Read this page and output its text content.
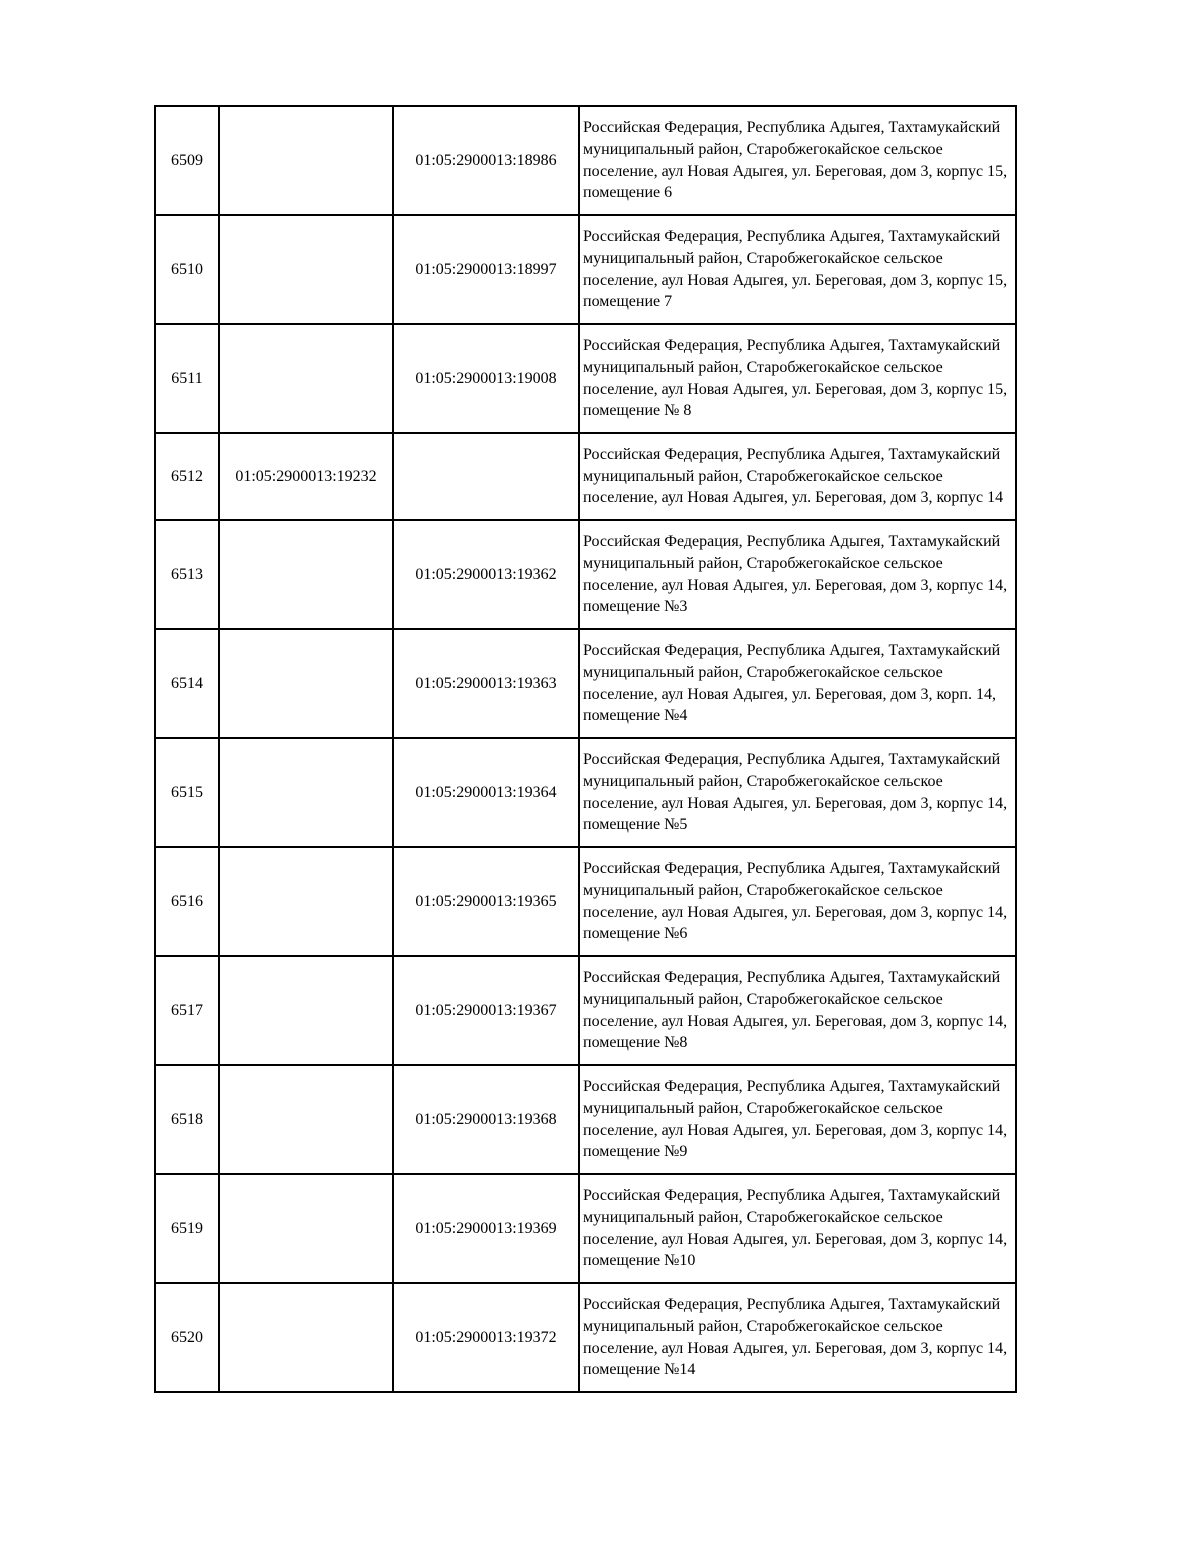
6509		01:05:2900013:18986	Российская Федерация, Республика Адыгея, Тахтамукайский муниципальный район, Старобжегокайское сельское поселение, аул Новая Адыгея, ул. Береговая, дом 3, корпус 15, помещение 6
6510		01:05:2900013:18997	Российская Федерация, Республика Адыгея, Тахтамукайский муниципальный район, Старобжегокайское сельское поселение, аул Новая Адыгея, ул. Береговая, дом 3, корпус 15, помещение 7
6511		01:05:2900013:19008	Российская Федерация, Республика Адыгея, Тахтамукайский муниципальный район, Старобжегокайское сельское поселение, аул Новая Адыгея, ул. Береговая, дом 3, корпус 15, помещение № 8
6512	01:05:2900013:19232		Российская Федерация, Республика Адыгея, Тахтамукайский муниципальный район, Старобжегокайское сельское поселение, аул Новая Адыгея, ул. Береговая, дом 3, корпус 14
6513		01:05:2900013:19362	Российская Федерация, Республика Адыгея, Тахтамукайский муниципальный район, Старобжегокайское сельское поселение, аул Новая Адыгея, ул. Береговая, дом 3, корпус 14, помещение №3
6514		01:05:2900013:19363	Российская Федерация, Республика Адыгея, Тахтамукайский муниципальный район, Старобжегокайское сельское поселение, аул Новая Адыгея, ул. Береговая, дом 3, корп. 14, помещение №4
6515		01:05:2900013:19364	Российская Федерация, Республика Адыгея, Тахтамукайский муниципальный район, Старобжегокайское сельское поселение, аул Новая Адыгея, ул. Береговая, дом 3, корпус 14, помещение №5
6516		01:05:2900013:19365	Российская Федерация, Республика Адыгея, Тахтамукайский муниципальный район, Старобжегокайское сельское поселение, аул Новая Адыгея, ул. Береговая, дом 3, корпус 14, помещение №6
6517		01:05:2900013:19367	Российская Федерация, Республика Адыгея, Тахтамукайский муниципальный район, Старобжегокайское сельское поселение, аул Новая Адыгея, ул. Береговая, дом 3, корпус 14, помещение №8
6518		01:05:2900013:19368	Российская Федерация, Республика Адыгея, Тахтамукайский муниципальный район, Старобжегокайское сельское поселение, аул Новая Адыгея, ул. Береговая, дом 3, корпус 14, помещение №9
6519		01:05:2900013:19369	Российская Федерация, Республика Адыгея, Тахтамукайский муниципальный район, Старобжегокайское сельское поселение, аул Новая Адыгея, ул. Береговая, дом 3, корпус 14, помещение №10
6520		01:05:2900013:19372	Российская Федерация, Республика Адыгея, Тахтамукайский муниципальный район, Старобжегокайское сельское поселение, аул Новая Адыгея, ул. Береговая, дом 3, корпус 14, помещение №14
